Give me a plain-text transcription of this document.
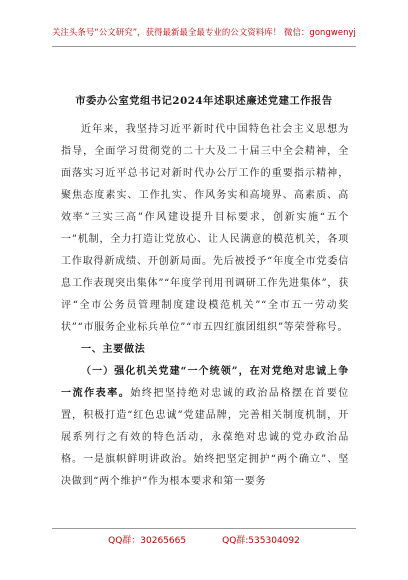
关注头条号“公文研究”，获得最新最全最专业的公文资料库！ 微信：gongwenyj
市委办公室党组书记2024年述职述廉述党建工作报告

近年来，我坚持习近平新时代中国特色社会主义思想为指导，全面学习贯彻党的二十大及二十届三中全会精神，全面落实习近平总书记对新时代办公厅工作的重要指示精神，聚焦态度素实、工作扎实、作风务实和高境界、高素质、高效率“三实三高”作风建设提升目标要求，创新实施“五个一”机制，全力打造让党放心、让人民满意的模范机关，各项工作取得新成绩、开创新局面。先后被授予“年度全市党委信息工作表现突出集体”“年度学刊用刊调研工作先进集体”，获评“全市公务员管理制度建设模范机关”“全市五一劳动奖状”“市服务企业标兵单位”“市五四红旗团组织”等荣誉称号。

一、主要做法

（一）强化机关党建“一个统领”，在对党绝对忠诚上争一流作表率。始终把坚持绝对忠诚的政治品格摆在首要位置，积极打造“红色忠诚”党建品牌，完善相关制度机制，开展系列行之有效的特色活动，永葆绝对忠诚的党办政治品格。一是旗帜鲜明讲政治。始终把坚定拥护“两个确立”、坚决做到“两个维护”作为根本要求和第一要务

QQ群：30265665	QQ群:535304092
